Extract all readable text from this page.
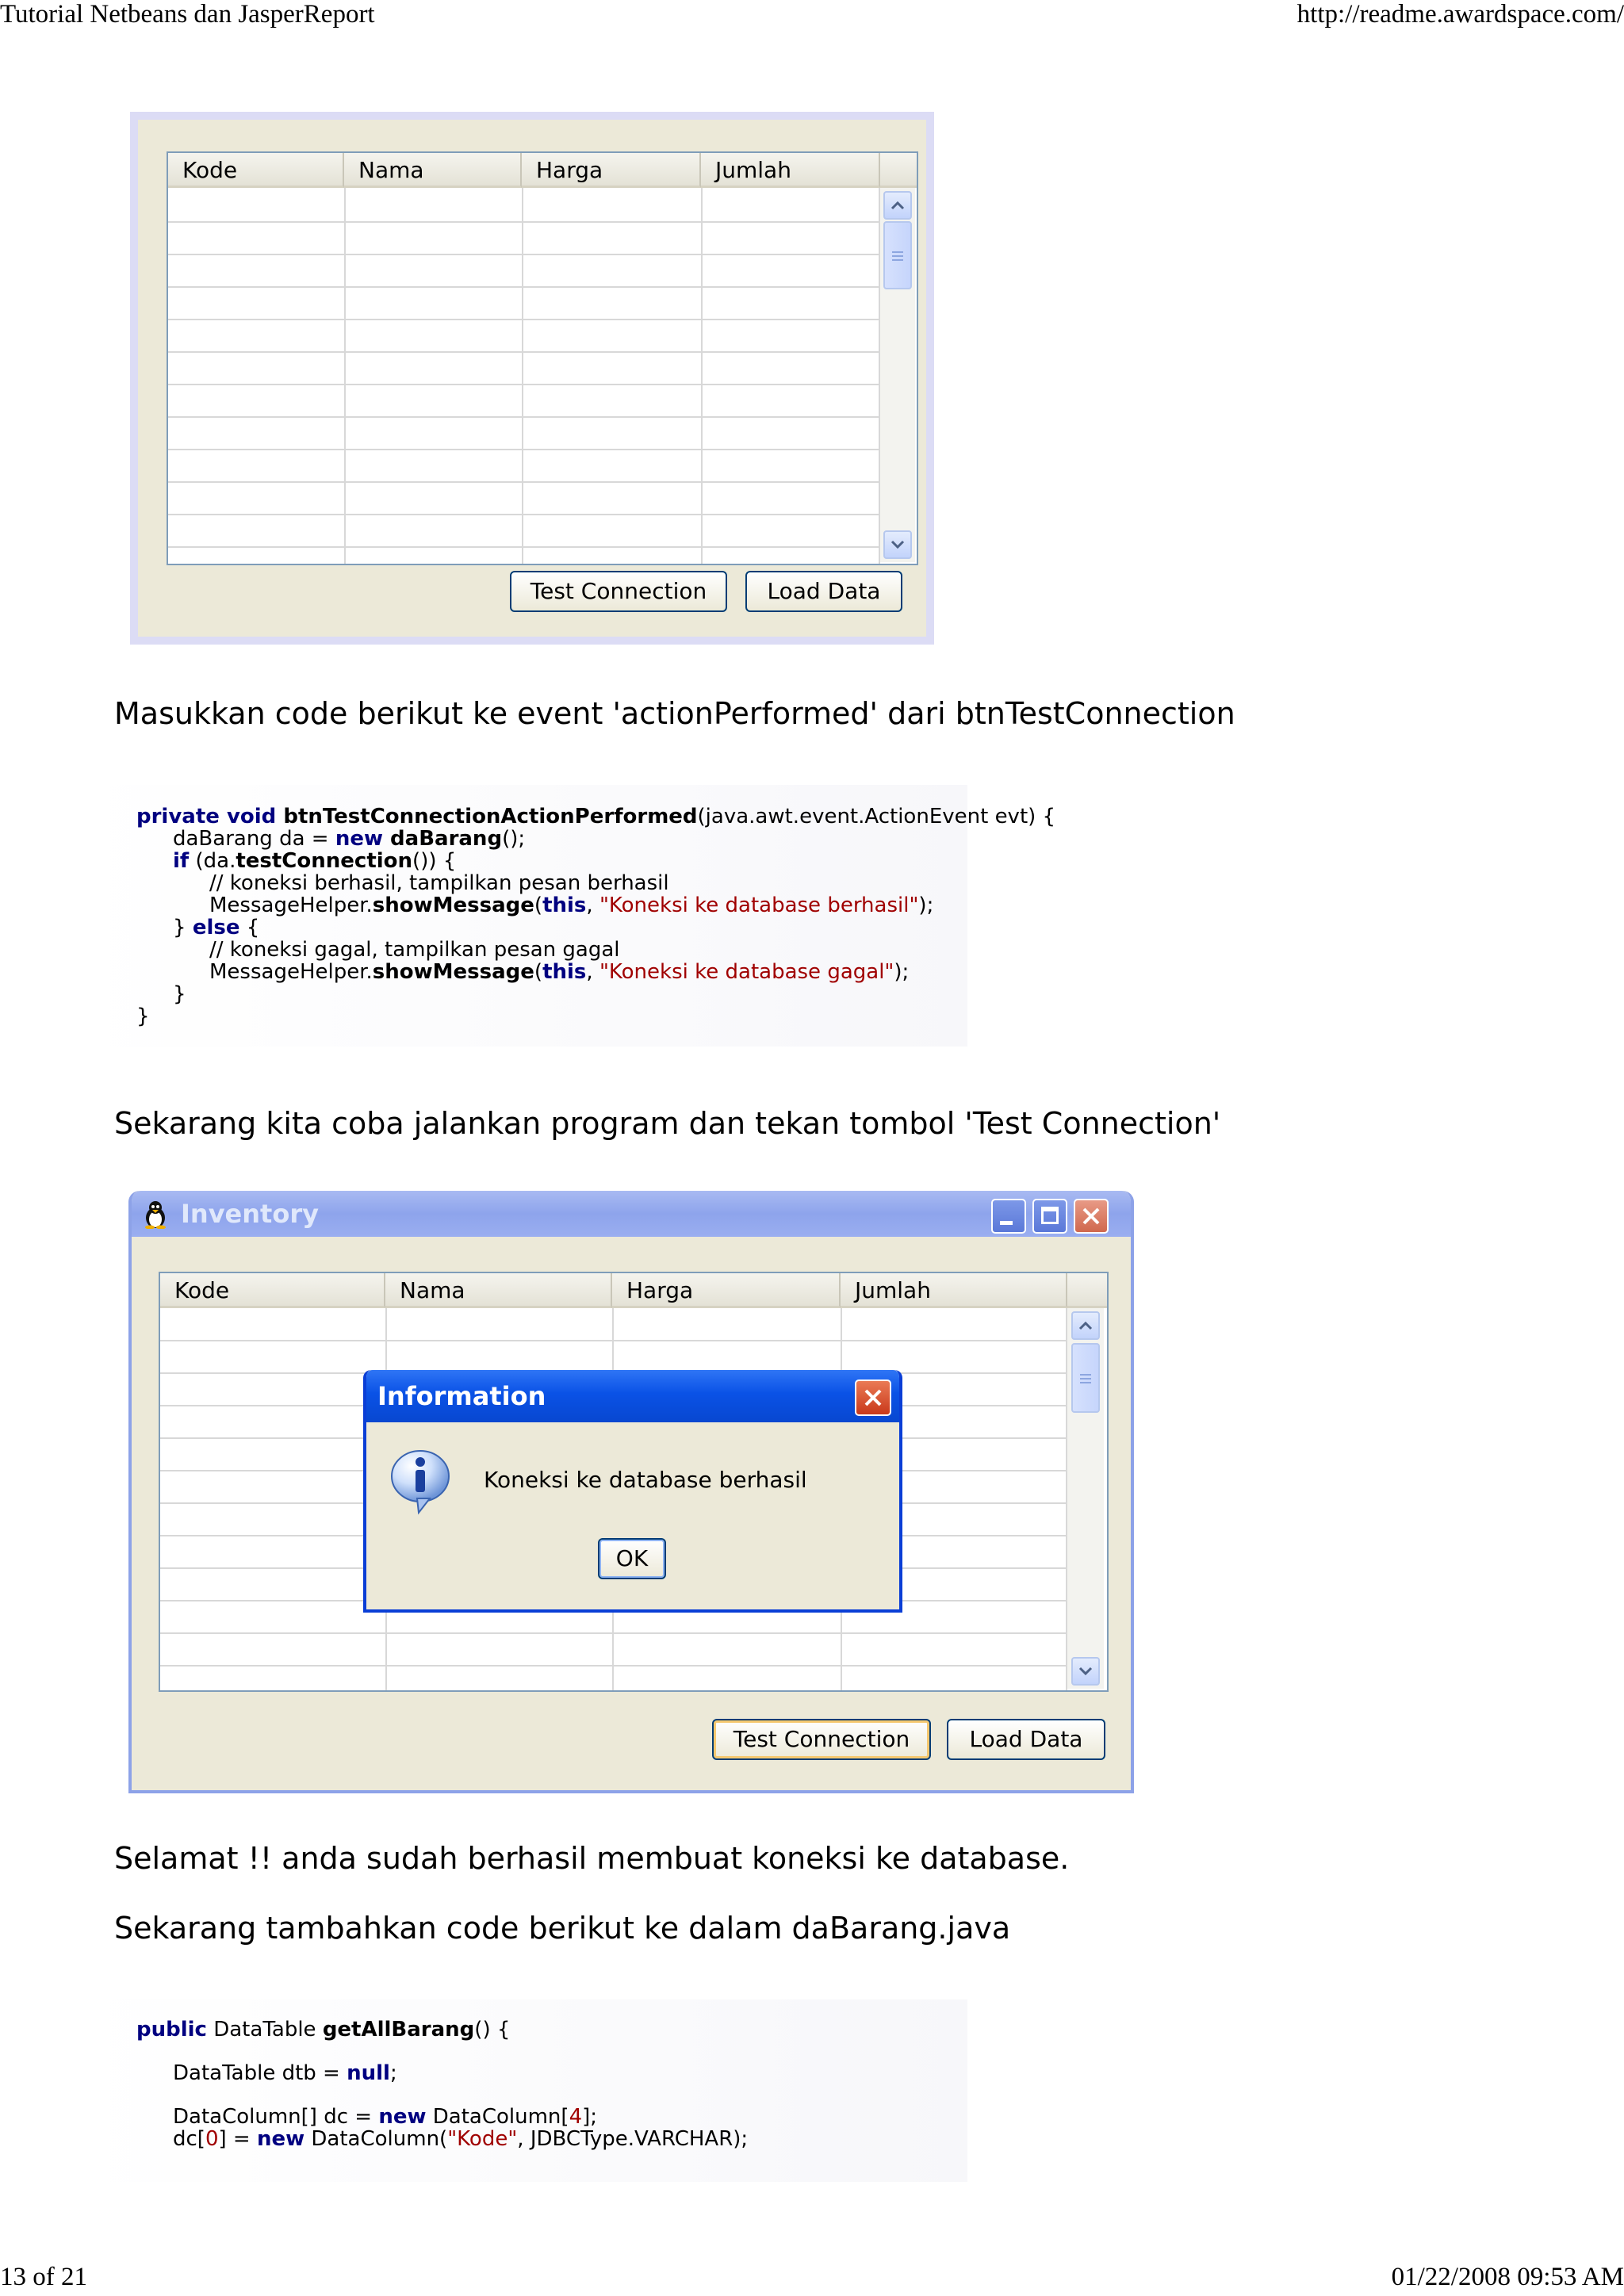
Tutorial Netbeans dan JasperReport	http://readme.awardspace.com/
Kode	Nama	Harga	Jumlah
Test Connection	Load Data
Masukkan code berikut ke event 'actionPerformed' dari btnTestConnection
private void btnTestConnectionActionPerformed(java.awt.event.ActionEvent evt) {
daBarang da = new daBarang();
if (da.testConnection()) {
// koneksi berhasil, tampilkan pesan berhasil
MessageHelper.showMessage(this, "Koneksi ke database berhasil");
} else {
// koneksi gagal, tampilkan pesan gagal
MessageHelper.showMessage(this, "Koneksi ke database gagal");
}
}
Sekarang kita coba jalankan program dan tekan tombol 'Test Connection'
Inventory
Kode	Nama	Harga	Jumlah
Test Connection	Load Data
Information
Koneksi ke database berhasil
OK
Selamat !! anda sudah berhasil membuat koneksi ke database.
Sekarang tambahkan code berikut ke dalam daBarang.java
public DataTable getAllBarang() {
DataTable dtb = null;
DataColumn[] dc = new DataColumn[4];
dc[0] = new DataColumn("Kode", JDBCType.VARCHAR);
13 of 21	01/22/2008 09:53 AM
